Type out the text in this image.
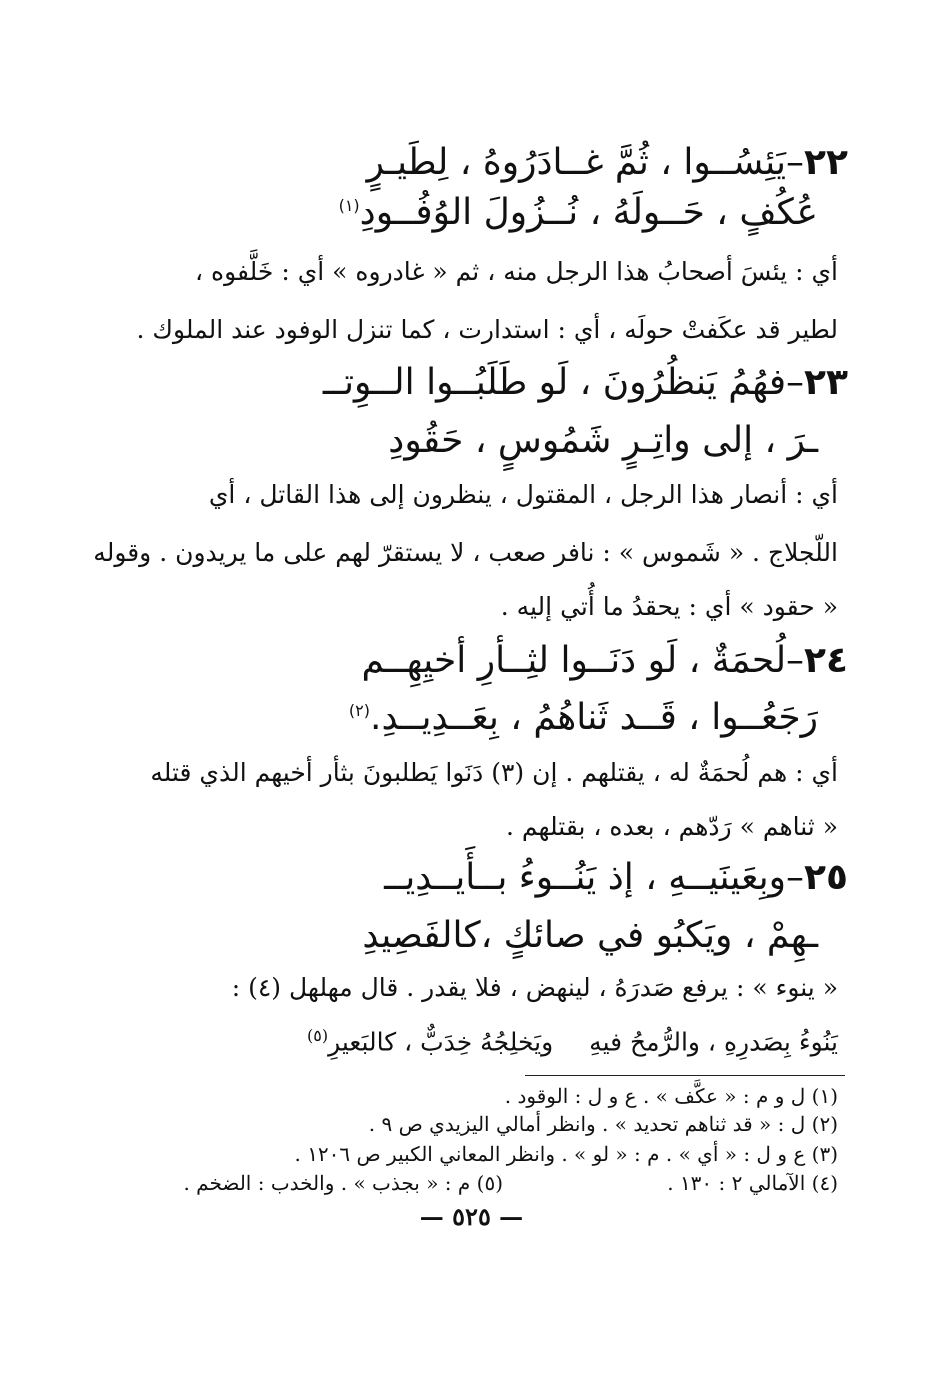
٢٢–يَئِسُــوا ، ثُمَّ غــادَرُوهُ ، لِطَيـرٍ
عُكُفٍ ، حَــولَهُ ، نُــزُولَ الوُفُــودِ$^{(١)}$
أي : يئسَ أصحابُ هذا الرجل منه ، ثم « غادروه » أي : خَلَّفوه ،
لطير قد عكَفتْ حولَه ، أي : استدارت ، كما تنزل الوفود عند الملوك .
٢٣–فهُمُ يَنظُرُونَ ، لَو طَلَبُــوا الــوِتــ
ـرَ ، إلى واتِـرٍ شَمُوسٍ ، حَقُودِ
أي : أنصار هذا الرجل ، المقتول ، ينظرون إلى هذا القاتل ، أي
اللّجلاج . « شَموس » : نافر صعب ، لا يستقرّ لهم على ما يريدون . وقوله
« حقود » أي : يحقدُ ما أُتي إليه .
٢٤–لُحمَةٌ ، لَو دَنَــوا لثِــأرِ أخيِهِــم
رَجَعُــوا ، قَــد ثَناهُمُ ، بِعَــدِيــدِ.$^{(٢)}$
أي : هم لُحمَةٌ له ، يقتلهم . إن (٣) دَنَوا يَطلبونَ بثأر أخيهم الذي قتله
« ثناهم » رَدّهم ، بعده ، بقتلهم .
٢٥–وبِعَينَيــهِ ، إذ يَنُــوءُ بــأَيــدِيــ
ـهِمْ ، ويَكبُو في صائكٍ ،كالفَصِيدِ
« ينوء » : يرفع صَدرَهُ ، لينهض ، فلا يقدر . قال مهلهل (٤) :
يَنُوءُ بِصَدرِهِ ، والرُّمحُ فيهِويَخلِجُهُ خِدَبٌّ ، كالبَعيرِ$^{(٥)}$
(١) ل و م : « عكَّف » . ع و ل : الوقود .
(٢) ل : « قد ثناهم تحديد » . وانظر أمالي اليزيدي ص ٩ .
(٣) ع و ل : « أي » . م : « لو » . وانظر المعاني الكبير ص ١٢٠٦ .
(٤) الآمالي ٢ : ١٣٠ .
(٥) م : « بجذب » . والخدب : الضخم .
— ٥٢٥ —
